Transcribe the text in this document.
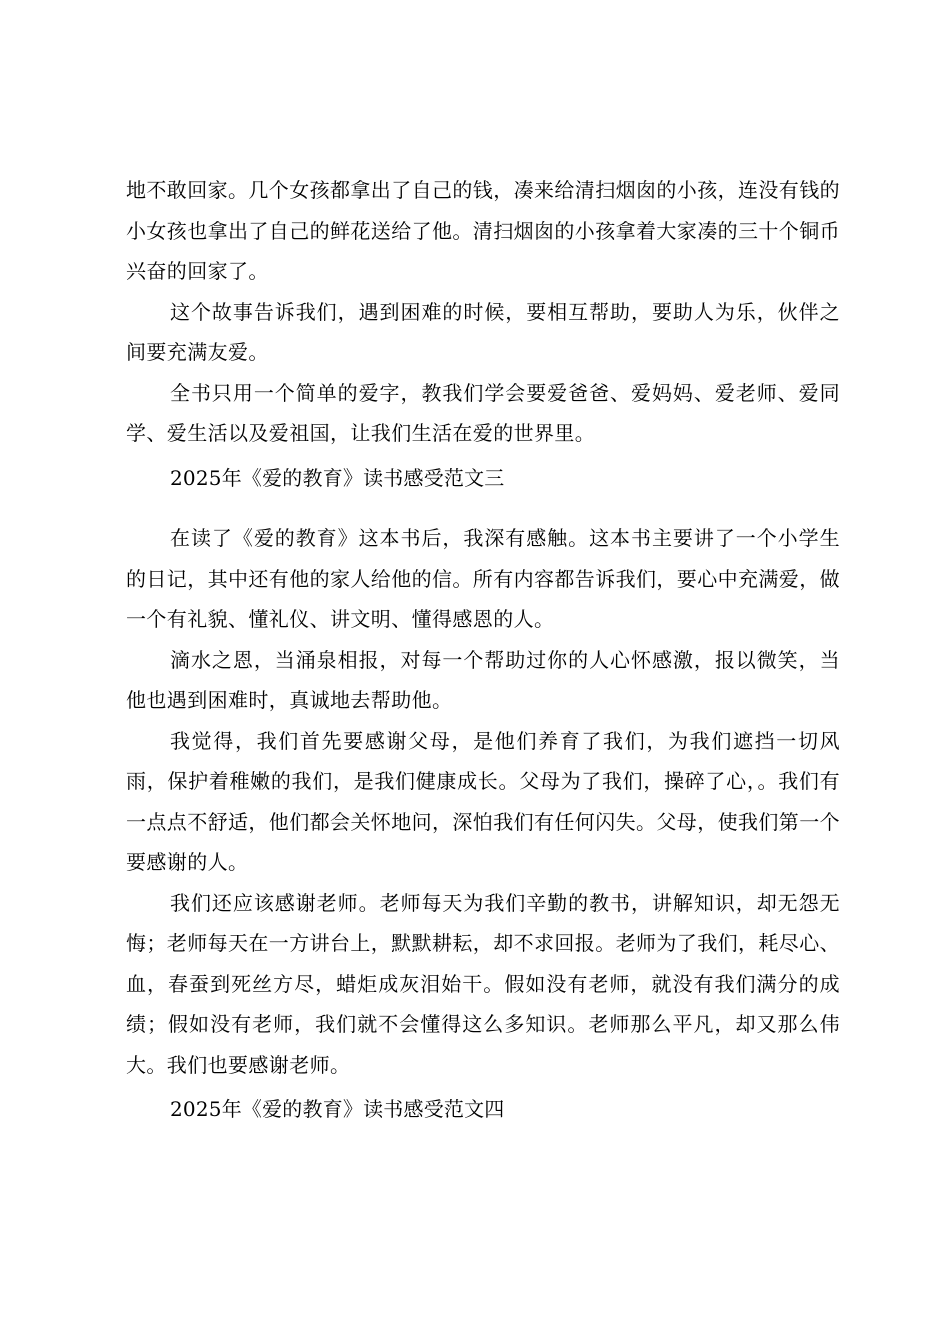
地不敢回家。几个女孩都拿出了自己的钱，凑来给清扫烟囱的小孩，连没有钱的小女孩也拿出了自己的鲜花送给了他。清扫烟囱的小孩拿着大家凑的三十个铜币兴奋的回家了。

这个故事告诉我们，遇到困难的时候，要相互帮助，要助人为乐，伙伴之间要充满友爱。

全书只用一个简单的爱字，教我们学会要爱爸爸、爱妈妈、爱老师、爱同学、爱生活以及爱祖国，让我们生活在爱的世界里。

2025年《爱的教育》读书感受范文三

在读了《爱的教育》这本书后，我深有感触。这本书主要讲了一个小学生的日记，其中还有他的家人给他的信。所有内容都告诉我们，要心中充满爱，做一个有礼貌、懂礼仪、讲文明、懂得感恩的人。

滴水之恩，当涌泉相报，对每一个帮助过你的人心怀感激，报以微笑，当他也遇到困难时，真诚地去帮助他。

我觉得，我们首先要感谢父母，是他们养育了我们，为我们遮挡一切风雨，保护着稚嫩的我们，是我们健康成长。父母为了我们，操碎了心，。我们有一点点不舒适，他们都会关怀地问，深怕我们有任何闪失。父母，使我们第一个要感谢的人。

我们还应该感谢老师。老师每天为我们辛勤的教书，讲解知识，却无怨无悔；老师每天在一方讲台上，默默耕耘，却不求回报。老师为了我们，耗尽心、血，春蚕到死丝方尽，蜡炬成灰泪始干。假如没有老师，就没有我们满分的成绩；假如没有老师，我们就不会懂得这么多知识。老师那么平凡，却又那么伟大。我们也要感谢老师。

2025年《爱的教育》读书感受范文四
